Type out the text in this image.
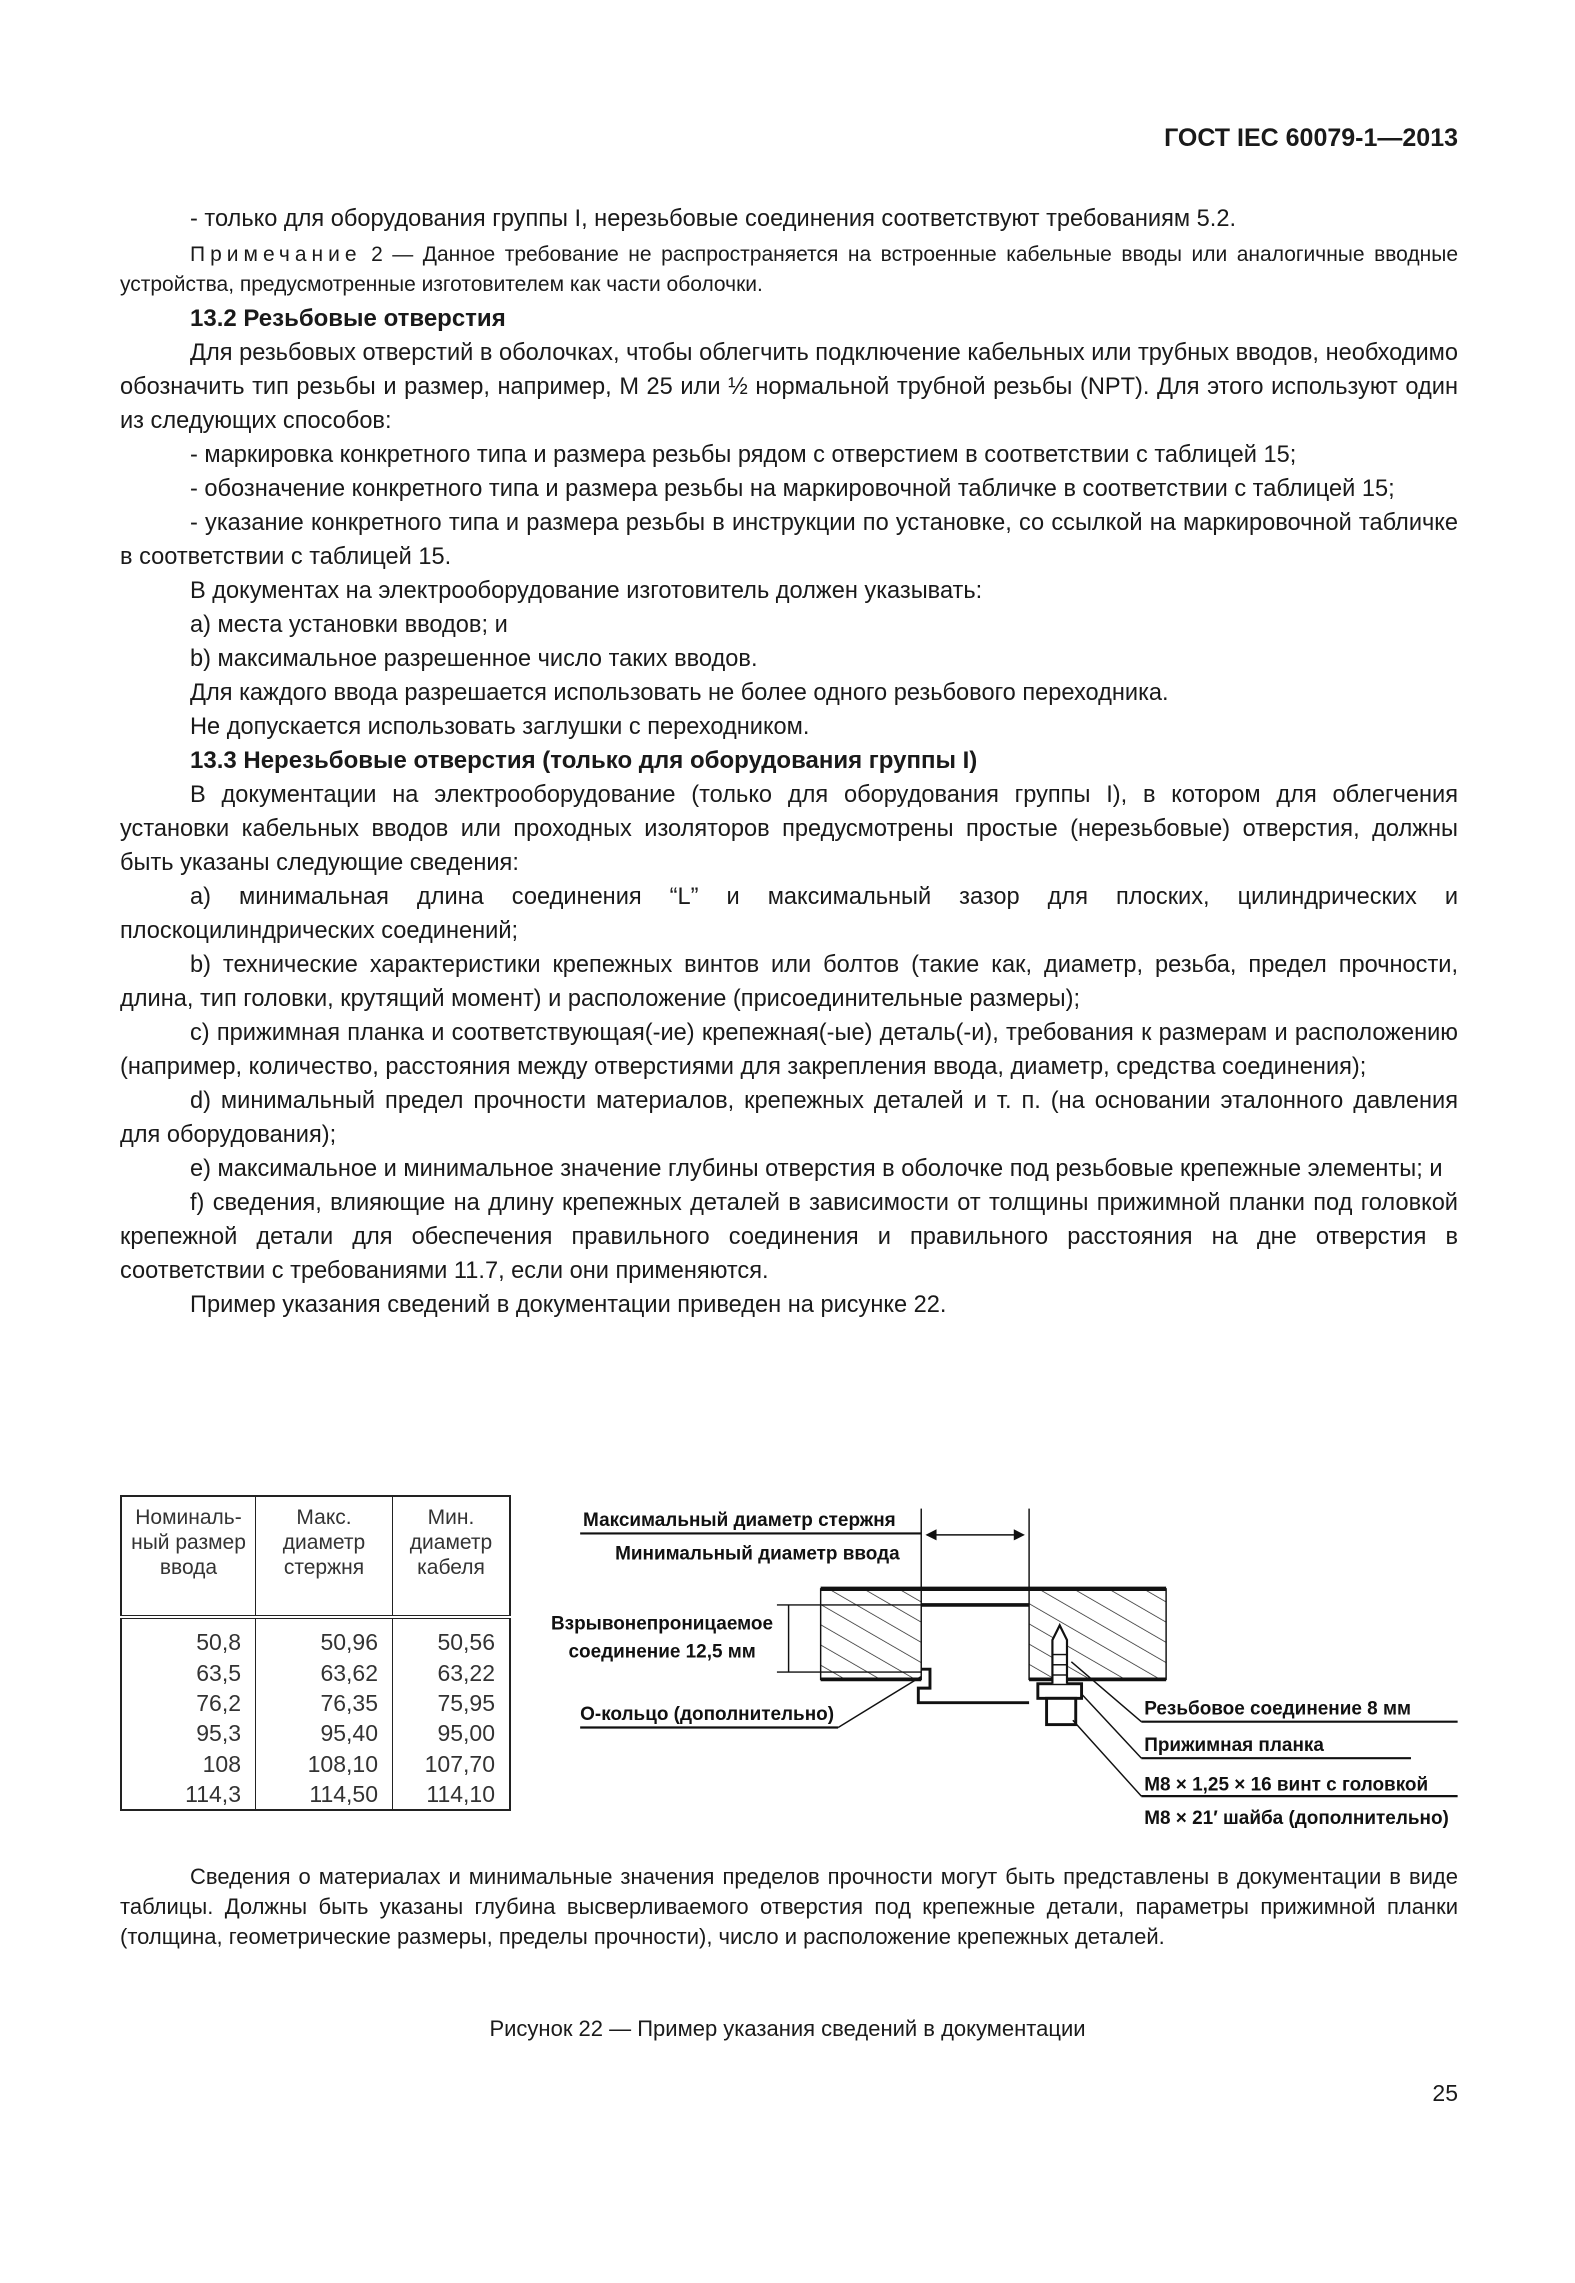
ГОСТ IEC 60079-1—2013

- только для оборудования группы I, нерезьбовые соединения соответствуют требованиям 5.2.

Примечание 2 — Данное требование не распространяется на встроенные кабельные вводы или аналогичные вводные устройства, предусмотренные изготовителем как части оболочки.

13.2 Резьбовые отверстия

Для резьбовых отверстий в оболочках, чтобы облегчить подключение кабельных или трубных вводов, необходимо обозначить тип резьбы и размер, например, М 25 или ½ нормальной трубной резьбы (NPT). Для этого используют один из следующих способов:

- маркировка конкретного типа и размера резьбы рядом с отверстием в соответствии с таблицей 15;

- обозначение конкретного типа и размера резьбы на маркировочной табличке в соответствии с таблицей 15;

- указание конкретного типа и размера резьбы в инструкции по установке, со ссылкой на маркировочной табличке в соответствии с таблицей 15.

В документах на электрооборудование изготовитель должен указывать:

a) места установки вводов; и

b) максимальное разрешенное число таких вводов.

Для каждого ввода разрешается использовать не более одного резьбового переходника.

Не допускается использовать заглушки с переходником.

13.3 Нерезьбовые отверстия (только для оборудования группы I)

В документации на электрооборудование (только для оборудования группы I), в котором для облегчения установки кабельных вводов или проходных изоляторов предусмотрены простые (нерезьбовые) отверстия, должны быть указаны следующие сведения:

a) минимальная длина соединения “L” и максимальный зазор для плоских, цилиндрических и плоскоцилиндрических соединений;

b) технические характеристики крепежных винтов или болтов (такие как, диаметр, резьба, предел прочности, длина, тип головки, крутящий момент) и расположение (присоединительные размеры);

c) прижимная планка и соответствующая(-ие) крепежная(-ые) деталь(-и), требования к размерам и расположению (например, количество, расстояния между отверстиями для закрепления ввода, диаметр, средства соединения);

d) минимальный предел прочности материалов, крепежных деталей и т. п. (на основании эталонного давления для оборудования);

e) максимальное и минимальное значение глубины отверстия в оболочке под резьбовые крепежные элементы; и

f) сведения, влияющие на длину крепежных деталей в зависимости от толщины прижимной планки под головкой крепежной детали для обеспечения правильного соединения и правильного расстояния на дне отверстия в соответствии с требованиями 11.7, если они применяются.

Пример указания сведений в документации приведен на рисунке 22.

Номиналь-ный размер ввода	Макс. диаметр стержня	Мин. диаметр кабеля
50,8	50,96	50,56
63,5	63,62	63,22
76,2	76,35	75,95
95,3	95,40	95,00
108	108,10	107,70
114,3	114,50	114,10
Максимальный диаметр стержня
Минимальный диаметр ввода
Взрывонепроницаемое
соединение 12,5 мм
О-кольцо (дополнительно)	Резьбовое соединение 8 мм
Прижимная планка
М8 × 1,25 × 16 винт с головкой
М8 × 21′ шайба (дополнительно)

Сведения о материалах и минимальные значения пределов прочности могут быть представлены в документации в виде таблицы. Должны быть указаны глубина высверливаемого отверстия под крепежные детали, параметры прижимной планки (толщина, геометрические размеры, пределы прочности), число и расположение крепежных деталей.

Рисунок 22 — Пример указания сведений в документации
25
